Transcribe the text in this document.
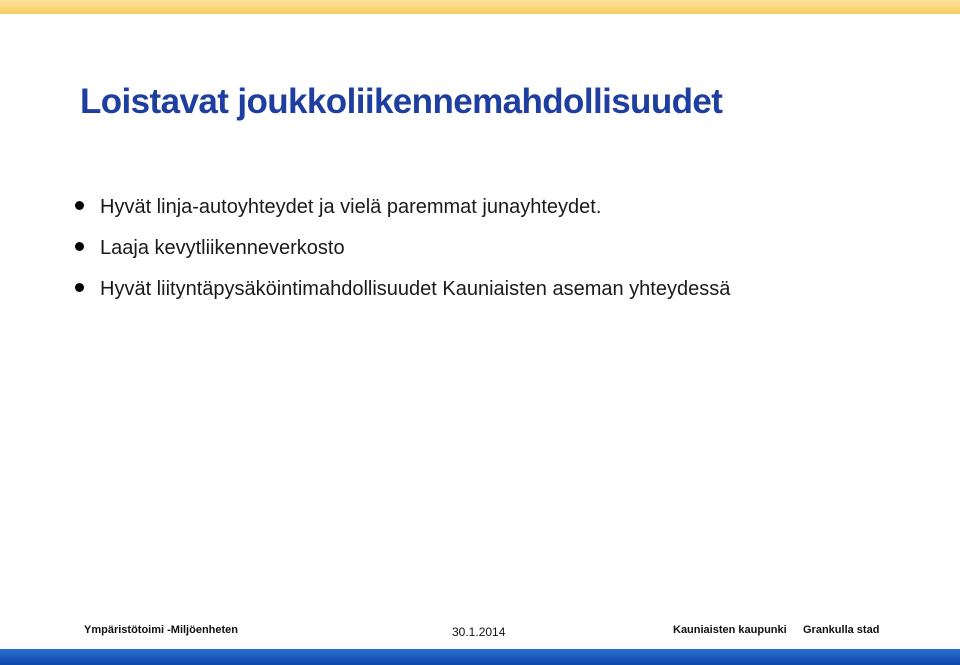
Loistavat joukkoliikennemahdollisuudet
Hyvät linja-autoyhteydet ja vielä paremmat junayhteydet.
Laaja kevytliikenneverkosto
Hyvät liityntäpysäköintimahdollisuudet Kauniaisten aseman yhteydessä
Ympäristötoimi -Miljöenheten	30.1.2014	Kauniaisten kaupunki Grankulla stad
